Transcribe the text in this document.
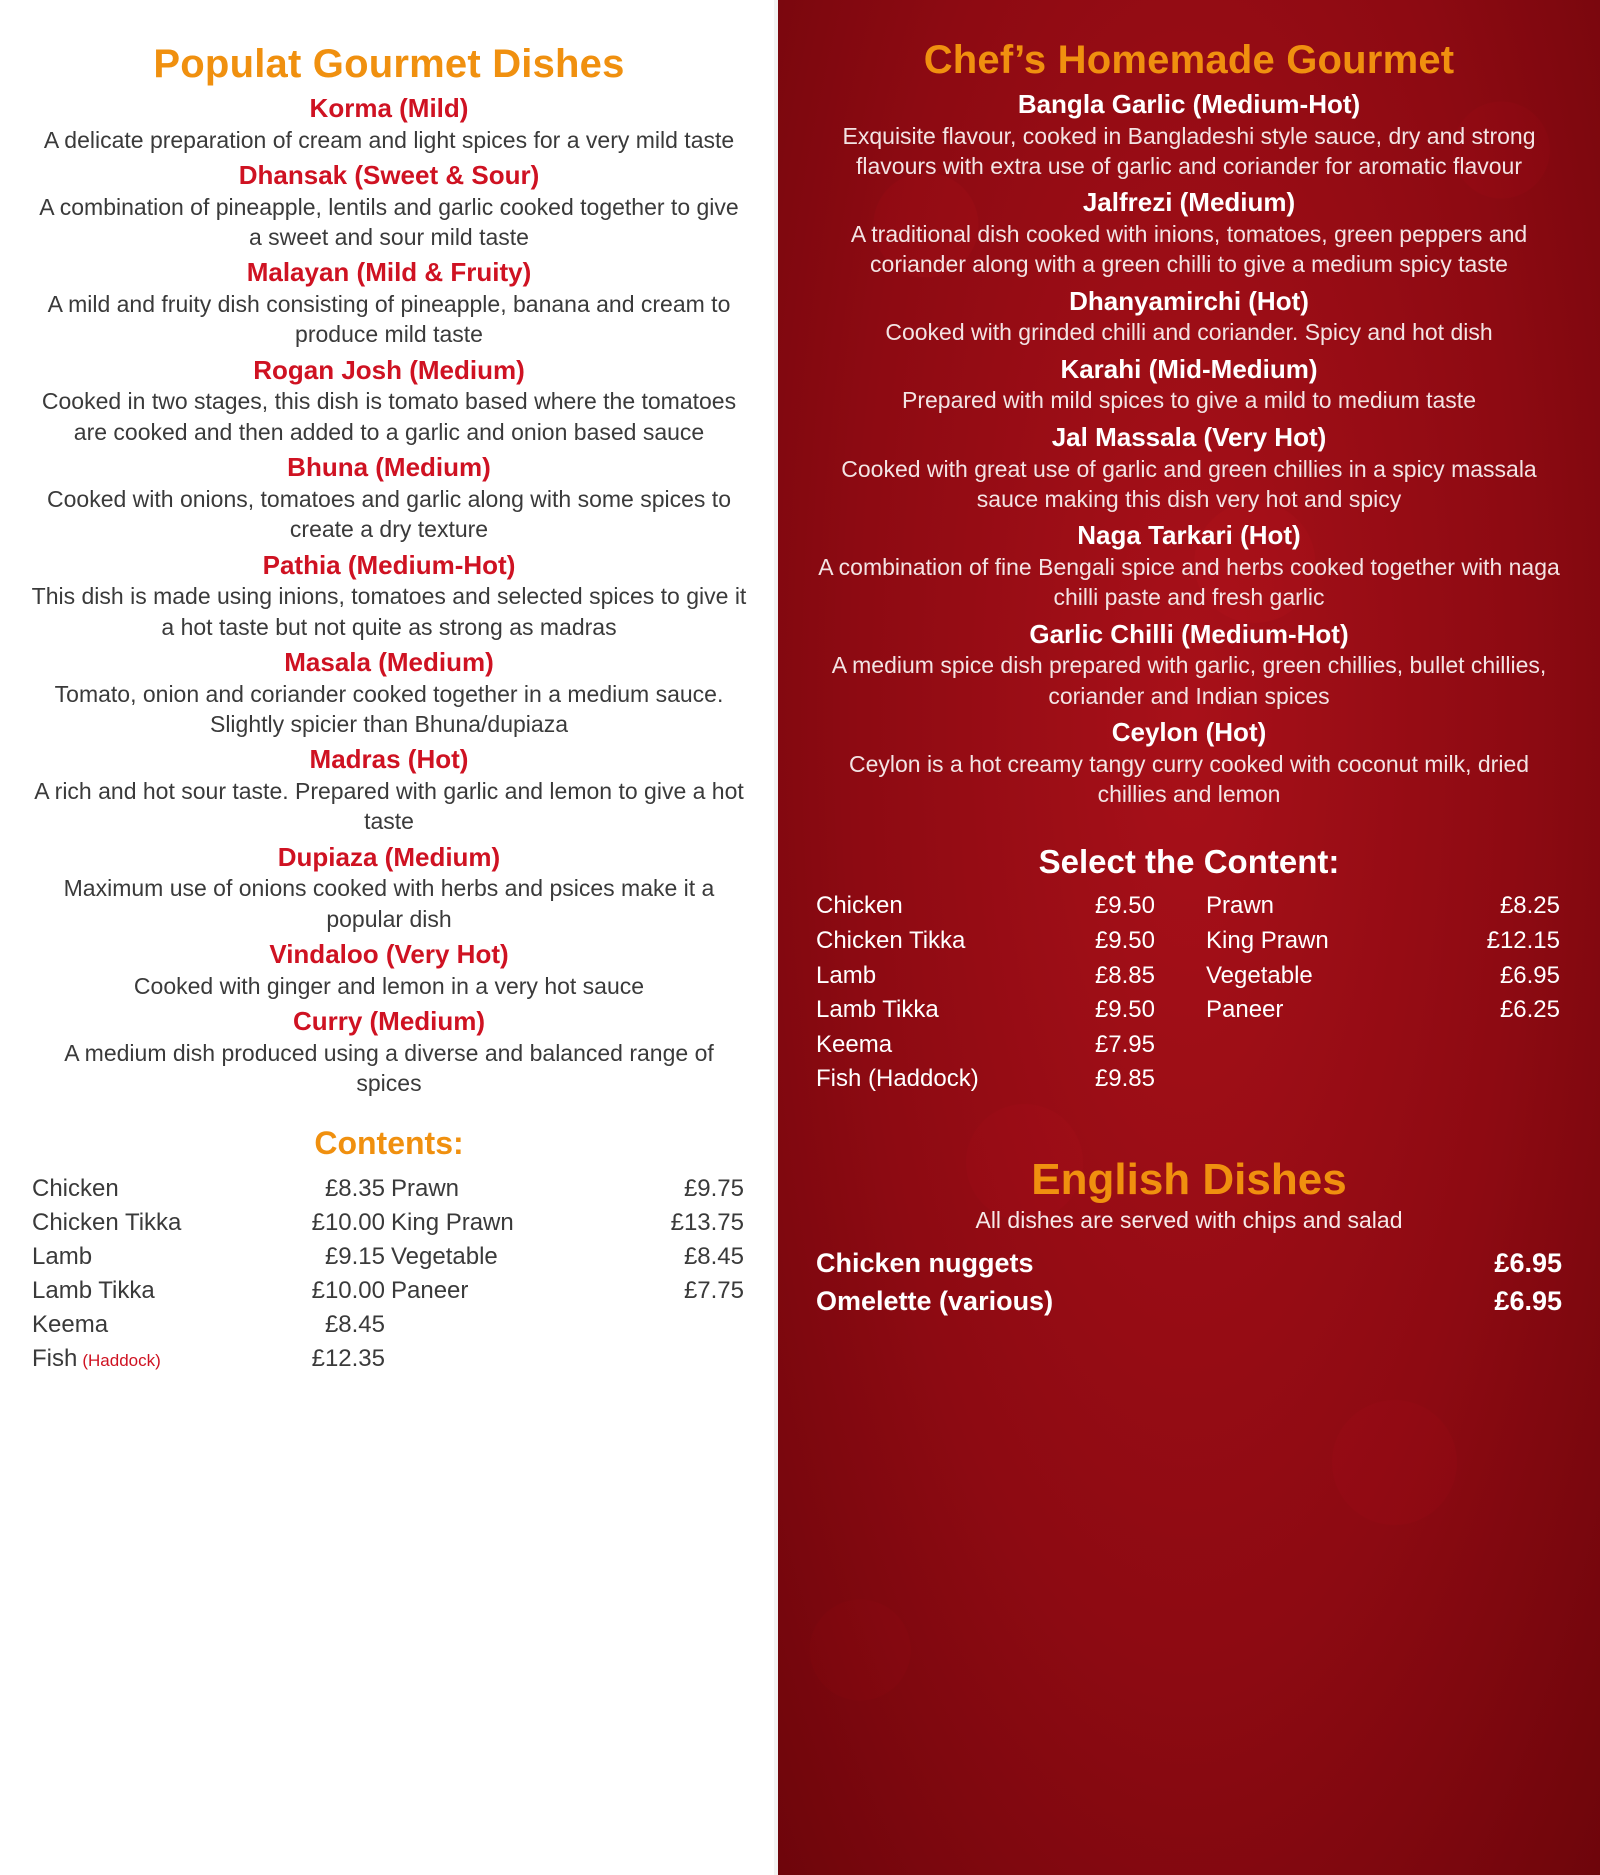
Populat Gourmet Dishes
Korma (Mild)
A delicate preparation of cream and light spices for a very mild taste
Dhansak (Sweet & Sour)
A combination of pineapple, lentils and garlic cooked together to give a sweet and sour mild taste
Malayan (Mild & Fruity)
A mild and fruity dish consisting of pineapple, banana and cream to produce mild taste
Rogan Josh (Medium)
Cooked in two stages, this dish is tomato based where the tomatoes are cooked and then added to a garlic and onion based sauce
Bhuna (Medium)
Cooked with onions, tomatoes and garlic along with some spices to create a dry texture
Pathia (Medium-Hot)
This dish is made using inions, tomatoes and selected spices to give it a hot taste but not quite as strong as madras
Masala (Medium)
Tomato, onion and coriander cooked together in a medium sauce. Slightly spicier than Bhuna/dupiaza
Madras (Hot)
A rich and hot sour taste. Prepared with garlic and lemon to give a hot taste
Dupiaza (Medium)
Maximum use of onions cooked with herbs and psices make it a popular dish
Vindaloo (Very Hot)
Cooked with ginger and lemon in a very hot sauce
Curry (Medium)
A medium dish produced using a diverse and balanced range of spices
Contents:
Chicken	£8.35
Chicken Tikka	£10.00
Lamb	£9.15
Lamb Tikka	£10.00
Keema	£8.45
Fish (Haddock)	£12.35
Prawn	£9.75
King Prawn	£13.75
Vegetable	£8.45
Paneer	£7.75
Chef’s Homemade Gourmet
Bangla Garlic (Medium-Hot)
Exquisite flavour, cooked in Bangladeshi style sauce, dry and strong flavours with extra use of garlic and coriander for aromatic flavour
Jalfrezi (Medium)
A traditional dish cooked with inions, tomatoes, green peppers and coriander along with a green chilli to give a medium spicy taste
Dhanyamirchi (Hot)
Cooked with grinded chilli and coriander. Spicy and hot dish
Karahi (Mid-Medium)
Prepared with mild spices to give a mild to medium taste
Jal Massala (Very Hot)
Cooked with great use of garlic and green chillies in a spicy massala sauce making this dish very hot and spicy
Naga Tarkari (Hot)
A combination of fine Bengali spice and herbs cooked together with naga chilli paste and fresh garlic
Garlic Chilli (Medium-Hot)
A medium spice dish prepared with garlic, green chillies, bullet chillies, coriander and Indian spices
Ceylon (Hot)
Ceylon is a hot creamy tangy curry cooked with coconut milk, dried chillies and lemon
Select the Content:
Chicken	£9.50
Chicken Tikka	£9.50
Lamb	£8.85
Lamb Tikka	£9.50
Keema	£7.95
Fish (Haddock)	£9.85
Prawn	£8.25
King Prawn	£12.15
Vegetable	£6.95
Paneer	£6.25
English Dishes
All dishes are served with chips and salad
Chicken nuggets	£6.95
Omelette (various)	£6.95
